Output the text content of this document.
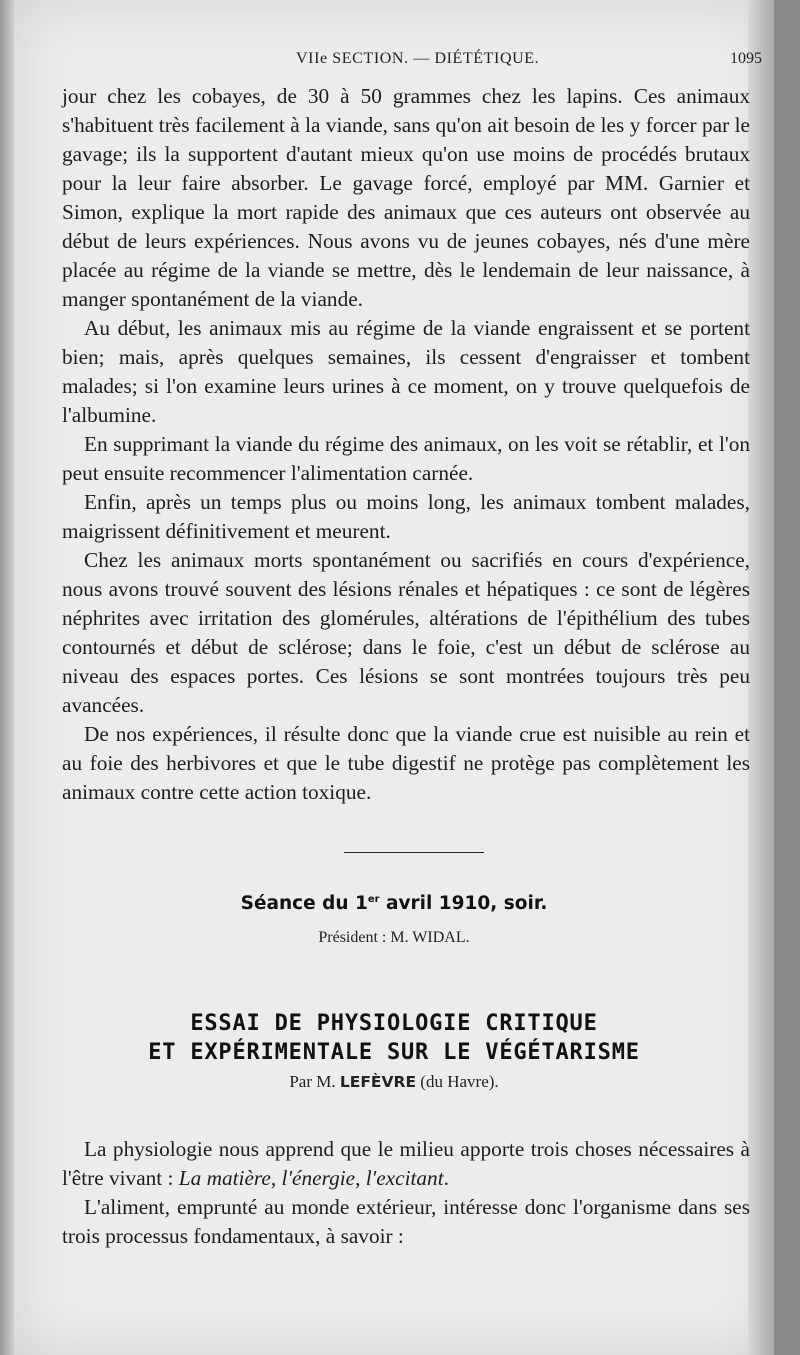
VIIe SECTION. — DIÉTÉTIQUE.	1095

jour chez les cobayes, de 30 à 50 grammes chez les lapins. Ces animaux s'habituent très facilement à la viande, sans qu'on ait besoin de les y forcer par le gavage; ils la supportent d'autant mieux qu'on use moins de procédés brutaux pour la leur faire absorber. Le gavage forcé, employé par MM. Garnier et Simon, explique la mort rapide des animaux que ces auteurs ont observée au début de leurs expériences. Nous avons vu de jeunes cobayes, nés d'une mère placée au régime de la viande se mettre, dès le lendemain de leur naissance, à manger spontanément de la viande.

Au début, les animaux mis au régime de la viande engraissent et se portent bien; mais, après quelques semaines, ils cessent d'engraisser et tombent malades; si l'on examine leurs urines à ce moment, on y trouve quelquefois de l'albumine.

En supprimant la viande du régime des animaux, on les voit se rétablir, et l'on peut ensuite recommencer l'alimentation carnée.

Enfin, après un temps plus ou moins long, les animaux tombent malades, maigrissent définitivement et meurent.

Chez les animaux morts spontanément ou sacrifiés en cours d'expérience, nous avons trouvé souvent des lésions rénales et hépatiques : ce sont de légères néphrites avec irritation des glomérules, altérations de l'épithélium des tubes contournés et début de sclérose; dans le foie, c'est un début de sclérose au niveau des espaces portes. Ces lésions se sont montrées toujours très peu avancées.

De nos expériences, il résulte donc que la viande crue est nuisible au rein et au foie des herbivores et que le tube digestif ne protège pas complètement les animaux contre cette action toxique.

Séance du 1er avril 1910, soir.
Président : M. WIDAL.
ESSAI DE PHYSIOLOGIE CRITIQUE
ET EXPÉRIMENTALE SUR LE VÉGÉTARISME
Par M. LEFÈVRE (du Havre).

La physiologie nous apprend que le milieu apporte trois choses nécessaires à l'être vivant : La matière, l'énergie, l'excitant.

L'aliment, emprunté au monde extérieur, intéresse donc l'organisme dans ses trois processus fondamentaux, à savoir :
